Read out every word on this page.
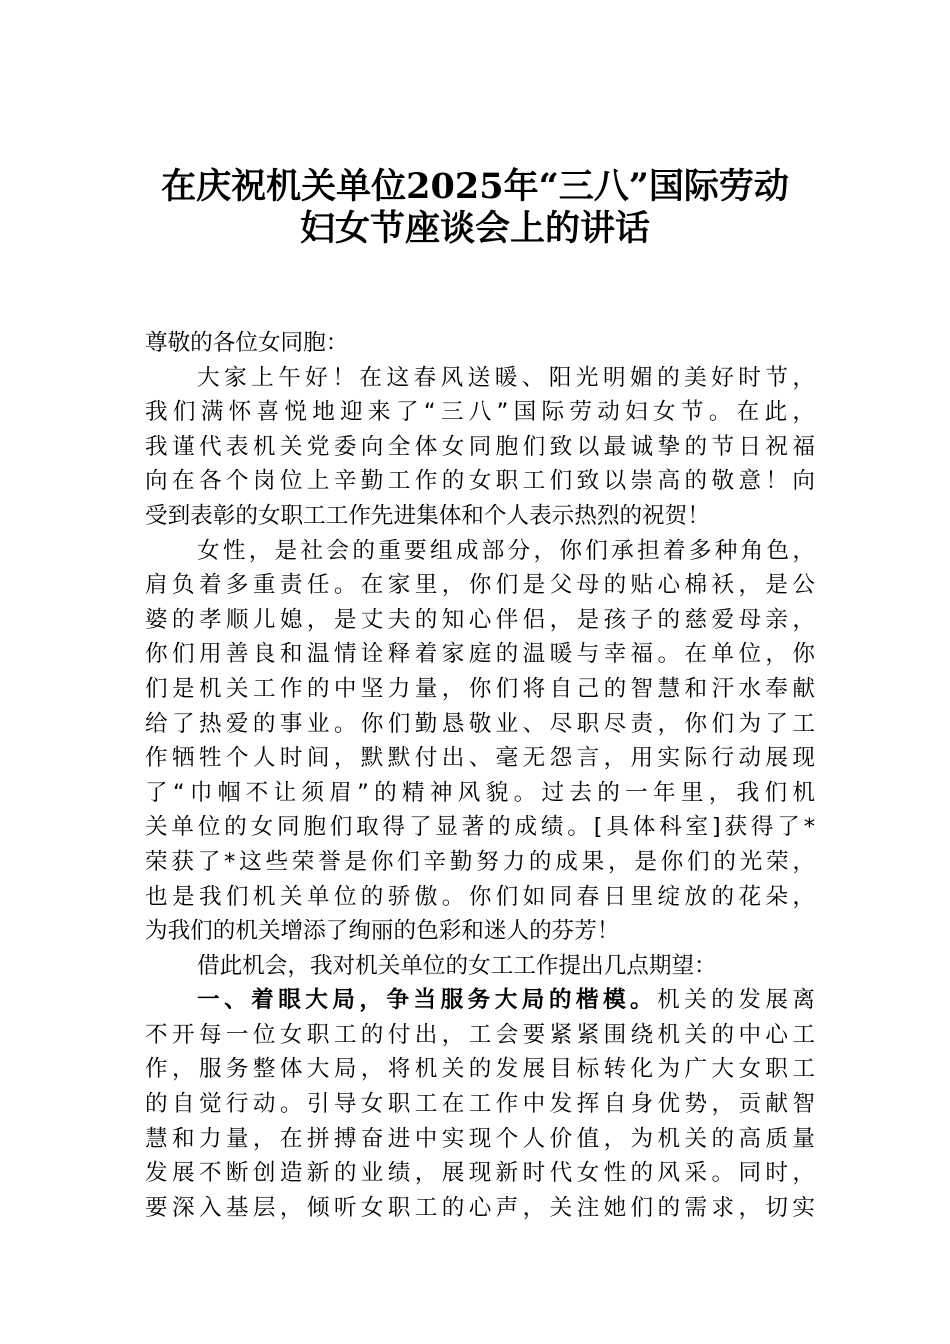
在庆祝机关单位2025年“三八”国际劳动
妇女节座谈会上的讲话
尊敬的各位女同胞：
大家上午好！在这春风送暖、阳光明媚的美好时节，
我们满怀喜悦地迎来了“三八”国际劳动妇女节。在此，
我谨代表机关党委向全体女同胞们致以最诚挚的节日祝福
向在各个岗位上辛勤工作的女职工们致以崇高的敬意！向
受到表彰的女职工工作先进集体和个人表示热烈的祝贺！
女性，是社会的重要组成部分，你们承担着多种角色，
肩负着多重责任。在家里，你们是父母的贴心棉袄，是公
婆的孝顺儿媳，是丈夫的知心伴侣，是孩子的慈爱母亲，
你们用善良和温情诠释着家庭的温暖与幸福。在单位，你
们是机关工作的中坚力量，你们将自己的智慧和汗水奉献
给了热爱的事业。你们勤恳敬业、尽职尽责，你们为了工
作牺牲个人时间，默默付出、毫无怨言，用实际行动展现
了“巾帼不让须眉”的精神风貌。过去的一年里，我们机
关单位的女同胞们取得了显著的成绩。[具体科室]获得了*
荣获了*这些荣誉是你们辛勤努力的成果，是你们的光荣，
也是我们机关单位的骄傲。你们如同春日里绽放的花朵，
为我们的机关增添了绚丽的色彩和迷人的芬芳！
借此机会，我对机关单位的女工工作提出几点期望：
一、着眼大局，争当服务大局的楷模。机关的发展离
不开每一位女职工的付出，工会要紧紧围绕机关的中心工
作，服务整体大局，将机关的发展目标转化为广大女职工
的自觉行动。引导女职工在工作中发挥自身优势，贡献智
慧和力量，在拼搏奋进中实现个人价值，为机关的高质量
发展不断创造新的业绩，展现新时代女性的风采。同时，
要深入基层，倾听女职工的心声，关注她们的需求，切实
